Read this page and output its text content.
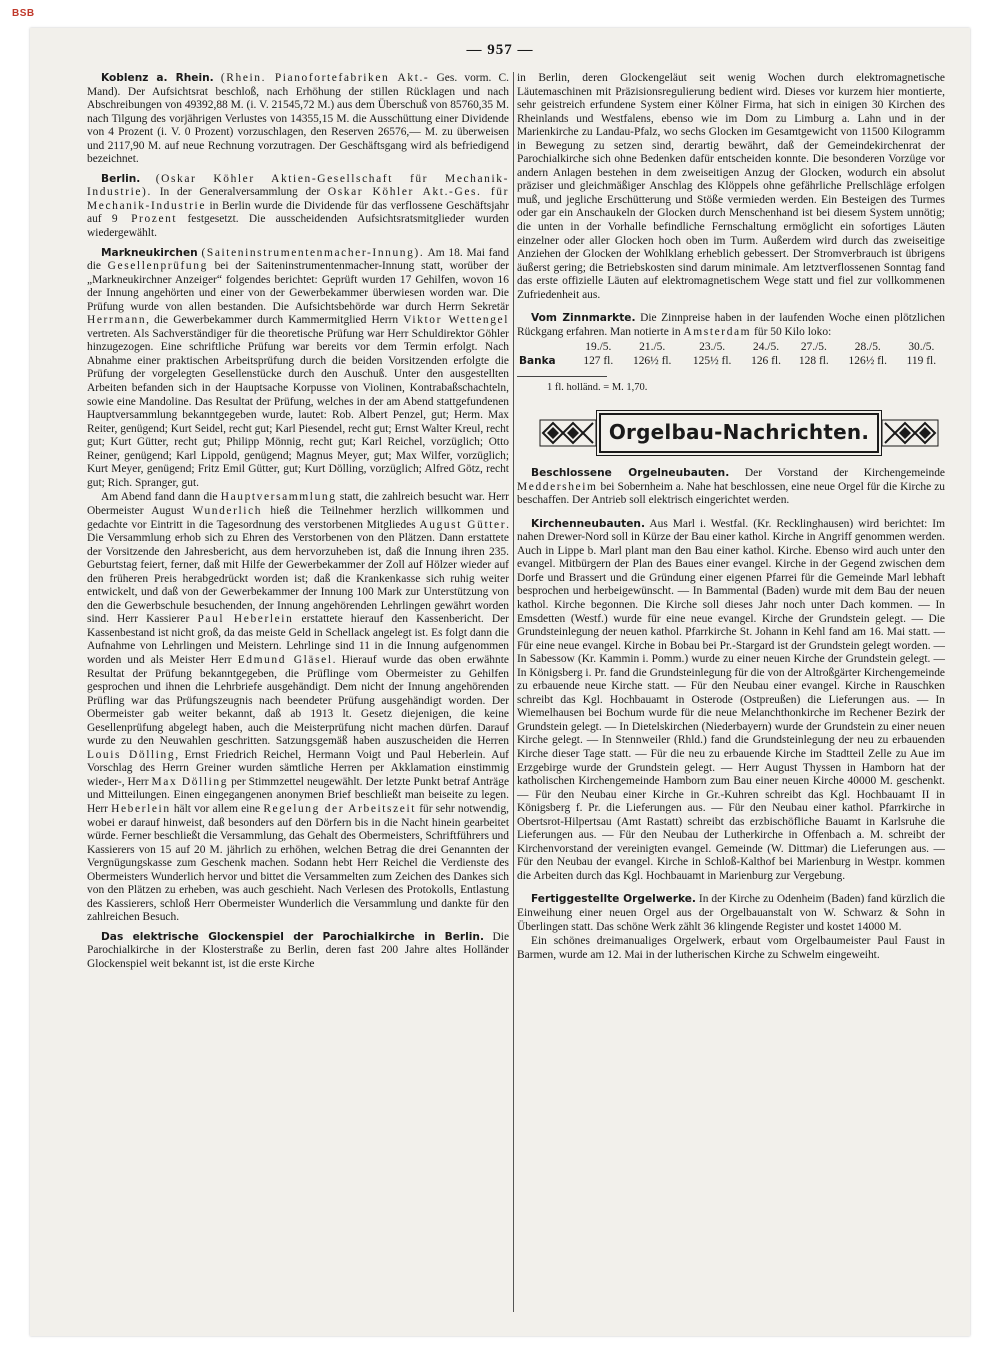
BSB
— 957 —

Koblenz a. Rhein. (Rhein. Pianofortefabriken Akt.- Ges. vorm. C. Mand). Der Aufsichtsrat beschloß, nach Erhöhung der stillen Rücklagen und nach Abschreibungen von 49392,88 M. (i. V. 21545,72 M.) aus dem Überschuß von 85760,35 M. nach Tilgung des vorjährigen Verlustes von 14355,15 M. die Ausschüttung einer Dividende von 4 Prozent (i. V. 0 Prozent) vorzuschlagen, den Reserven 26576,— M. zu überweisen und 2117,90 M. auf neue Rechnung vorzutragen. Der Geschäftsgang wird als befriedigend bezeichnet.

Berlin. (Oskar Köhler Aktien-Gesellschaft für Mechanik-Industrie). In der Generalversammlung der Oskar Köhler Akt.-Ges. für Mechanik-Industrie in Berlin wurde die Dividende für das verflossene Geschäftsjahr auf 9 Prozent festgesetzt. Die ausscheidenden Aufsichtsratsmitglieder wurden wiedergewählt.

Markneukirchen (Saiteninstrumentenmacher-Innung). Am 18. Mai fand die Gesellenprüfung bei der Saiteninstrumentenmacher-Innung statt, worüber der „Markneukirchner Anzeiger“ folgendes berichtet: Geprüft wurden 17 Gehilfen, wovon 16 der Innung angehörten und einer von der Gewerbekammer überwiesen worden war. Die Prüfung wurde von allen bestanden. Die Aufsichtsbehörde war durch Herrn Sekretär Herrmann, die Gewerbekammer durch Kammermitglied Herrn Viktor Wettengel vertreten. Als Sachverständiger für die theoretische Prüfung war Herr Schuldirektor Göhler hinzugezogen. Eine schriftliche Prüfung war bereits vor dem Termin erfolgt. Nach Abnahme einer praktischen Arbeitsprüfung durch die beiden Vorsitzenden erfolgte die Prüfung der vorgelegten Gesellenstücke durch den Auschuß. Unter den ausgestellten Arbeiten befanden sich in der Hauptsache Korpusse von Violinen, Kontrabaßschachteln, sowie eine Mandoline. Das Resultat der Prüfung, welches in der am Abend stattgefundenen Hauptversammlung bekanntgegeben wurde, lautet: Rob. Albert Penzel, gut; Herm. Max Reiter, genügend; Kurt Seidel, recht gut; Karl Piesendel, recht gut; Ernst Walter Kreul, recht gut; Kurt Gütter, recht gut; Philipp Mönnig, recht gut; Karl Reichel, vorzüglich; Otto Reiner, genügend; Karl Lippold, genügend; Magnus Meyer, gut; Max Wilfer, vorzüglich; Kurt Meyer, genügend; Fritz Emil Gütter, gut; Kurt Dölling, vorzüglich; Alfred Götz, recht gut; Rich. Spranger, gut.

Am Abend fand dann die Hauptversammlung statt, die zahlreich besucht war. Herr Obermeister August Wunderlich hieß die Teilnehmer herzlich willkommen und gedachte vor Eintritt in die Tagesordnung des verstorbenen Mitgliedes August Gütter. Die Versammlung erhob sich zu Ehren des Verstorbenen von den Plätzen. Dann erstattete der Vorsitzende den Jahresbericht, aus dem hervorzuheben ist, daß die Innung ihren 235. Geburtstag feiert, ferner, daß mit Hilfe der Gewerbekammer der Zoll auf Hölzer wieder auf den früheren Preis herabgedrückt worden ist; daß die Krankenkasse sich ruhig weiter entwickelt, und daß von der Gewerbekammer der Innung 100 Mark zur Unterstützung von den die Gewerbschule besuchenden, der Innung angehörenden Lehrlingen gewährt worden sind. Herr Kassierer Paul Heberlein erstattete hierauf den Kassenbericht. Der Kassenbestand ist nicht groß, da das meiste Geld in Schellack angelegt ist. Es folgt dann die Aufnahme von Lehrlingen und Meistern. Lehrlinge sind 11 in die Innung aufgenommen worden und als Meister Herr Edmund Gläsel. Hierauf wurde das oben erwähnte Resultat der Prüfung bekanntgegeben, die Prüflinge vom Obermeister zu Gehilfen gesprochen und ihnen die Lehrbriefe ausgehändigt. Dem nicht der Innung angehörenden Prüfling war das Prüfungszeugnis nach beendeter Prüfung ausgehändigt worden. Der Obermeister gab weiter bekannt, daß ab 1913 lt. Gesetz diejenigen, die keine Gesellenprüfung abgelegt haben, auch die Meisterprüfung nicht machen dürfen. Darauf wurde zu den Neuwahlen geschritten. Satzungsgemäß haben auszuscheiden die Herren Louis Dölling, Ernst Friedrich Reichel, Hermann Voigt und Paul Heberlein. Auf Vorschlag des Herrn Greiner wurden sämtliche Herren per Akklamation einstimmig wieder-, Herr Max Dölling per Stimmzettel neugewählt. Der letzte Punkt betraf Anträge und Mitteilungen. Einen eingegangenen anonymen Brief beschließt man beiseite zu legen. Herr Heberlein hält vor allem eine Regelung der Arbeitszeit für sehr notwendig, wobei er darauf hinweist, daß besonders auf den Dörfern bis in die Nacht hinein gearbeitet würde. Ferner beschließt die Versammlung, das Gehalt des Obermeisters, Schriftführers und Kassierers von 15 auf 20 M. jährlich zu erhöhen, welchen Betrag die drei Genannten der Vergnügungskasse zum Geschenk machen. Sodann hebt Herr Reichel die Verdienste des Obermeisters Wunderlich hervor und bittet die Versammelten zum Zeichen des Dankes sich von den Plätzen zu erheben, was auch geschieht. Nach Verlesen des Protokolls, Entlastung des Kassierers, schloß Herr Obermeister Wunderlich die Versammlung und dankte für den zahlreichen Besuch.

Das elektrische Glockenspiel der Parochialkirche in Berlin. Die Parochialkirche in der Klosterstraße zu Berlin, deren fast 200 Jahre altes Holländer Glockenspiel weit bekannt ist, ist die erste Kirche

in Berlin, deren Glockengeläut seit wenig Wochen durch elektromagnetische Läutemaschinen mit Präzisionsregulierung bedient wird. Dieses vor kurzem hier montierte, sehr geistreich erfundene System einer Kölner Firma, hat sich in einigen 30 Kirchen des Rheinlands und Westfalens, ebenso wie im Dom zu Limburg a. Lahn und in der Marienkirche zu Landau-Pfalz, wo sechs Glocken im Gesamtgewicht von 11500 Kilogramm in Bewegung zu setzen sind, derartig bewährt, daß der Gemeindekirchenrat der Parochialkirche sich ohne Bedenken dafür entscheiden konnte. Die besonderen Vorzüge vor andern Anlagen bestehen in dem zweiseitigen Anzug der Glocken, wodurch ein absolut präziser und gleichmäßiger Anschlag des Klöppels ohne gefährliche Prellschläge erfolgen muß, und jegliche Erschütterung und Stöße vermieden werden. Ein Besteigen des Turmes oder gar ein Anschaukeln der Glocken durch Menschenhand ist bei diesem System unnötig; die unten in der Vorhalle befindliche Fernschaltung ermöglicht ein sofortiges Läuten einzelner oder aller Glocken hoch oben im Turm. Außerdem wird durch das zweiseitige Anziehen der Glocken der Wohlklang erheblich gebessert. Der Stromverbrauch ist übrigens äußerst gering; die Betriebskosten sind darum minimale. Am letztverflossenen Sonntag fand das erste offizielle Läuten auf elektromagnetischem Wege statt und fiel zur vollkommenen Zufriedenheit aus.

Vom Zinnmarkte. Die Zinnpreise haben in der laufenden Woche einen plötzlichen Rückgang erfahren. Man notierte in Amsterdam für 50 Kilo loko:

	19./5.	21./5.	23./5.	24./5.	27./5.	28./5.	30./5.
Banka	127 fl.	126½ fl.	125½ fl.	126 fl.	128 fl.	126½ fl.	119 fl.

1 fl. holländ. = M. 1,70.

Orgelbau-Nachrichten.

Beschlossene Orgelneubauten. Der Vorstand der Kirchengemeinde Meddersheim bei Sobernheim a. Nahe hat beschlossen, eine neue Orgel für die Kirche zu beschaffen. Der Antrieb soll elektrisch eingerichtet werden.

Kirchenneubauten. Aus Marl i. Westfal. (Kr. Recklinghausen) wird berichtet: Im nahen Drewer-Nord soll in Kürze der Bau einer kathol. Kirche in Angriff genommen werden. Auch in Lippe b. Marl plant man den Bau einer kathol. Kirche. Ebenso wird auch unter den evangel. Mitbürgern der Plan des Baues einer evangel. Kirche in der Gegend zwischen dem Dorfe und Brassert und die Gründung einer eigenen Pfarrei für die Gemeinde Marl lebhaft besprochen und herbeigewünscht. — In Bammental (Baden) wurde mit dem Bau der neuen kathol. Kirche begonnen. Die Kirche soll dieses Jahr noch unter Dach kommen. — In Emsdetten (Westf.) wurde für eine neue evangel. Kirche der Grundstein gelegt. — Die Grundsteinlegung der neuen kathol. Pfarrkirche St. Johann in Kehl fand am 16. Mai statt. — Für eine neue evangel. Kirche in Bobau bei Pr.-Stargard ist der Grundstein gelegt worden. — In Sabessow (Kr. Kammin i. Pomm.) wurde zu einer neuen Kirche der Grundstein gelegt. — In Königsberg i. Pr. fand die Grundsteinlegung für die von der Altroßgärter Kirchengemeinde zu erbauende neue Kirche statt. — Für den Neubau einer evangel. Kirche in Rauschken schreibt das Kgl. Hochbauamt in Osterode (Ostpreußen) die Lieferungen aus. — In Wiemelhausen bei Bochum wurde für die neue Melanchthonkirche im Rechener Bezirk der Grundstein gelegt. — In Dietelskirchen (Niederbayern) wurde der Grundstein zu einer neuen Kirche gelegt. — In Stennweiler (Rhld.) fand die Grundsteinlegung der neu zu erbauenden Kirche dieser Tage statt. — Für die neu zu erbauende Kirche im Stadtteil Zelle zu Aue im Erzgebirge wurde der Grundstein gelegt. — Herr August Thyssen in Hamborn hat der katholischen Kirchengemeinde Hamborn zum Bau einer neuen Kirche 40000 M. geschenkt. — Für den Neubau einer Kirche in Gr.-Kuhren schreibt das Kgl. Hochbauamt II in Königsberg f. Pr. die Lieferungen aus. — Für den Neubau einer kathol. Pfarrkirche in Obertsrot-Hilpertsau (Amt Rastatt) schreibt das erzbischöfliche Bauamt in Karlsruhe die Lieferungen aus. — Für den Neubau der Lutherkirche in Offenbach a. M. schreibt der Kirchenvorstand der vereinigten evangel. Gemeinde (W. Dittmar) die Lieferungen aus. — Für den Neubau der evangel. Kirche in Schloß-Kalthof bei Marienburg in Westpr. kommen die Arbeiten durch das Kgl. Hochbauamt in Marienburg zur Vergebung.

Fertiggestellte Orgelwerke. In der Kirche zu Odenheim (Baden) fand kürzlich die Einweihung einer neuen Orgel aus der Orgelbauanstalt von W. Schwarz & Sohn in Überlingen statt. Das schöne Werk zählt 36 klingende Register und kostet 14000 M.

Ein schönes dreimanualiges Orgelwerk, erbaut vom Orgelbaumeister Paul Faust in Barmen, wurde am 12. Mai in der lutherischen Kirche zu Schwelm eingeweiht.
